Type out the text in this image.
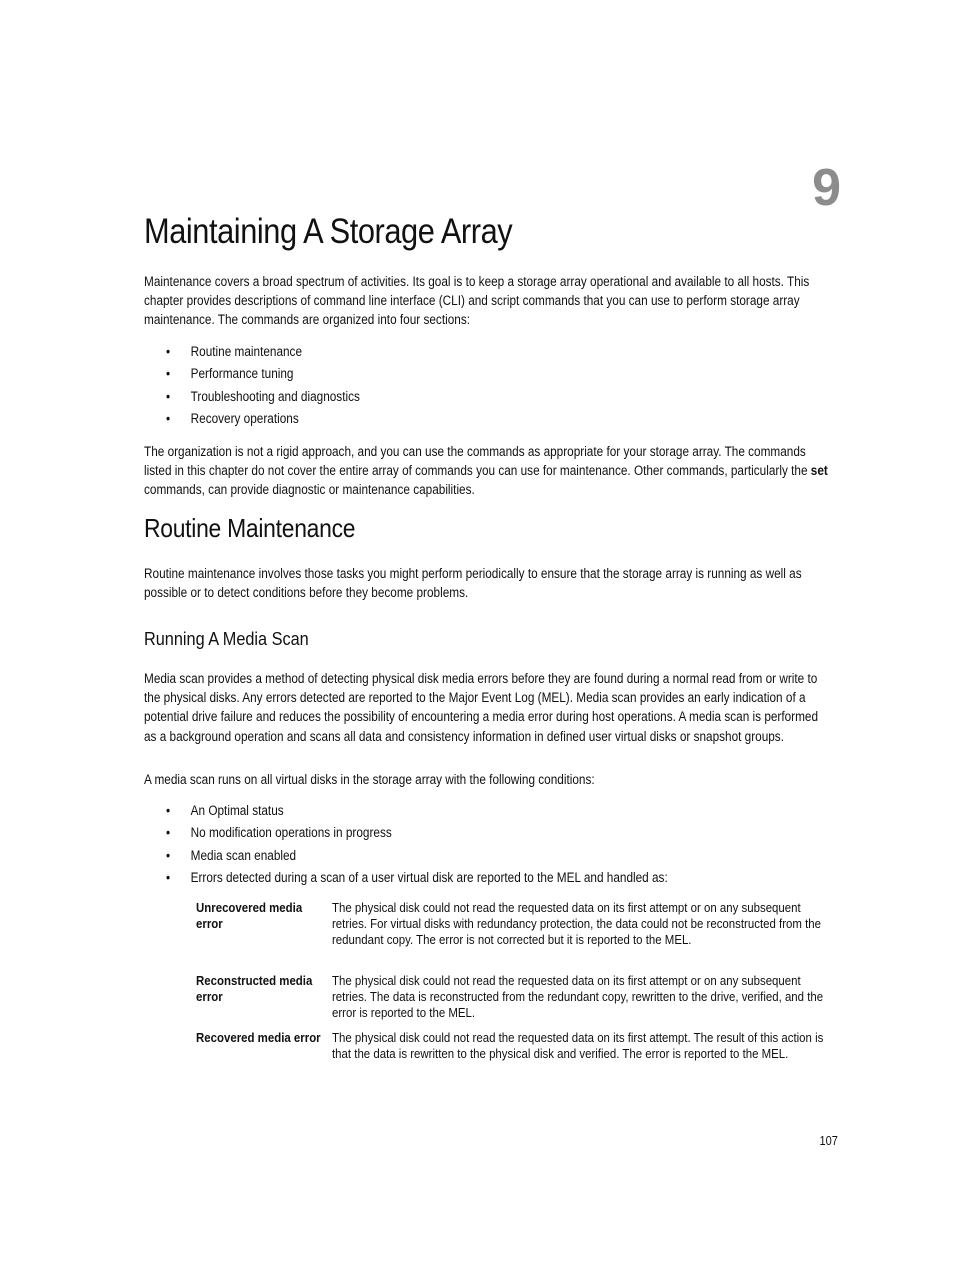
9
Maintaining A Storage Array

Maintenance covers a broad spectrum of activities. Its goal is to keep a storage array operational and available to all hosts. This chapter provides descriptions of command line interface (CLI) and script commands that you can use to perform storage array maintenance. The commands are organized into four sections:

• Routine maintenance
• Performance tuning
• Troubleshooting and diagnostics
• Recovery operations

The organization is not a rigid approach, and you can use the commands as appropriate for your storage array. The commands listed in this chapter do not cover the entire array of commands you can use for maintenance. Other commands, particularly the set commands, can provide diagnostic or maintenance capabilities.

Routine Maintenance

Routine maintenance involves those tasks you might perform periodically to ensure that the storage array is running as well as possible or to detect conditions before they become problems.

Running A Media Scan

Media scan provides a method of detecting physical disk media errors before they are found during a normal read from or write to the physical disks. Any errors detected are reported to the Major Event Log (MEL). Media scan provides an early indication of a potential drive failure and reduces the possibility of encountering a media error during host operations. A media scan is performed as a background operation and scans all data and consistency information in defined user virtual disks or snapshot groups.

A media scan runs on all virtual disks in the storage array with the following conditions:

• An Optimal status
• No modification operations in progress
• Media scan enabled
• Errors detected during a scan of a user virtual disk are reported to the MEL and handled as:
Unrecovered media error
The physical disk could not read the requested data on its first attempt or on any subsequent retries. For virtual disks with redundancy protection, the data could not be reconstructed from the redundant copy. The error is not corrected but it is reported to the MEL.
Reconstructed media error
The physical disk could not read the requested data on its first attempt or on any subsequent retries. The data is reconstructed from the redundant copy, rewritten to the drive, verified, and the error is reported to the MEL.
Recovered media error The physical disk could not read the requested data on its first attempt. The result of this action is that the data is rewritten to the physical disk and verified. The error is reported to the MEL.
107
